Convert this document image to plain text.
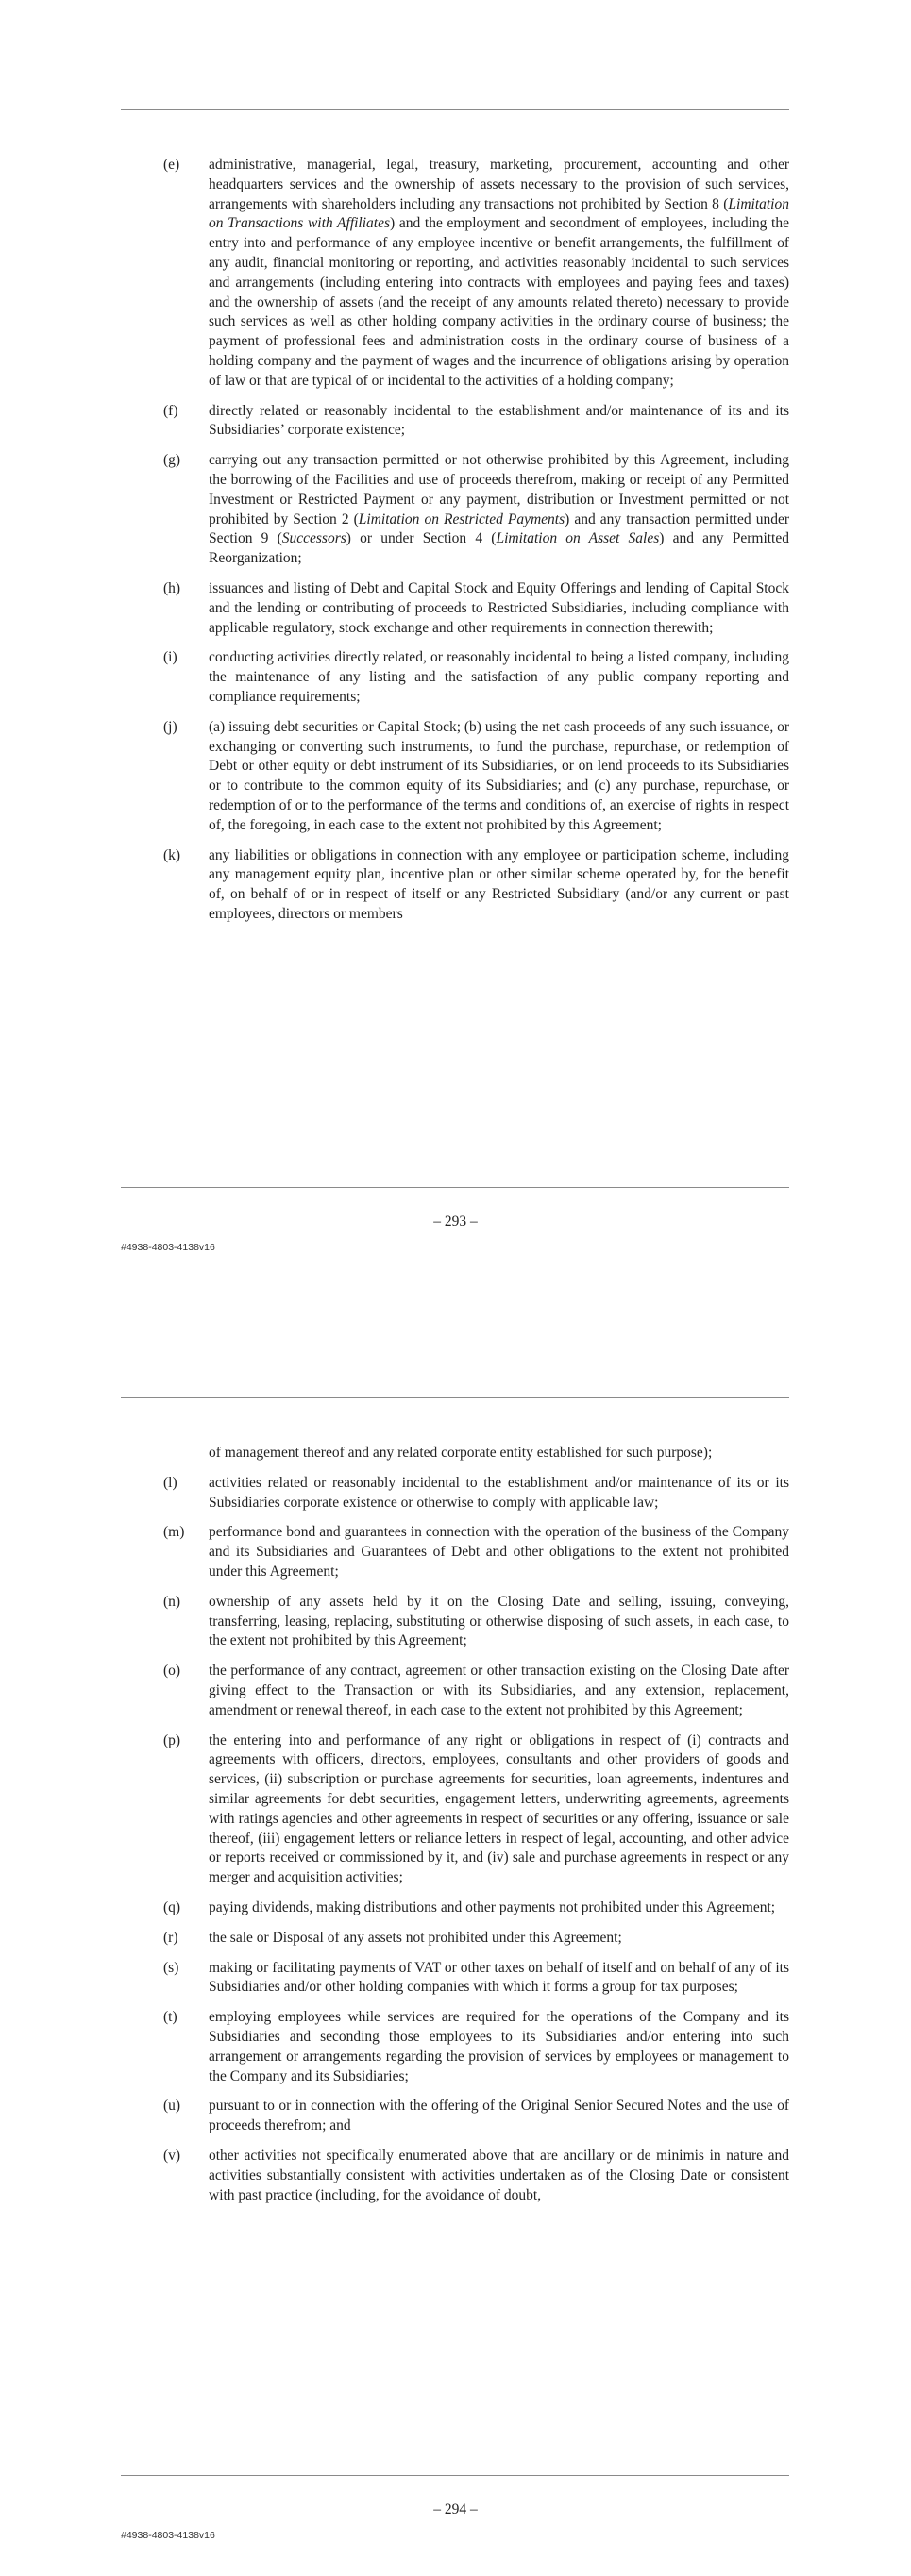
(e) administrative, managerial, legal, treasury, marketing, procurement, accounting and other headquarters services and the ownership of assets necessary to the provision of such services, arrangements with shareholders including any transactions not prohibited by Section 8 (Limitation on Transactions with Affiliates) and the employment and secondment of employees, including the entry into and performance of any employee incentive or benefit arrangements, the fulfillment of any audit, financial monitoring or reporting, and activities reasonably incidental to such services and arrangements (including entering into contracts with employees and paying fees and taxes) and the ownership of assets (and the receipt of any amounts related thereto) necessary to provide such services as well as other holding company activities in the ordinary course of business; the payment of professional fees and administration costs in the ordinary course of business of a holding company and the payment of wages and the incurrence of obligations arising by operation of law or that are typical of or incidental to the activities of a holding company;
(f) directly related or reasonably incidental to the establishment and/or maintenance of its and its Subsidiaries’ corporate existence;
(g) carrying out any transaction permitted or not otherwise prohibited by this Agreement, including the borrowing of the Facilities and use of proceeds therefrom, making or receipt of any Permitted Investment or Restricted Payment or any payment, distribution or Investment permitted or not prohibited by Section 2 (Limitation on Restricted Payments) and any transaction permitted under Section 9 (Successors) or under Section 4 (Limitation on Asset Sales) and any Permitted Reorganization;
(h) issuances and listing of Debt and Capital Stock and Equity Offerings and lending of Capital Stock and the lending or contributing of proceeds to Restricted Subsidiaries, including compliance with applicable regulatory, stock exchange and other requirements in connection therewith;
(i) conducting activities directly related, or reasonably incidental to being a listed company, including the maintenance of any listing and the satisfaction of any public company reporting and compliance requirements;
(j) (a) issuing debt securities or Capital Stock; (b) using the net cash proceeds of any such issuance, or exchanging or converting such instruments, to fund the purchase, repurchase, or redemption of Debt or other equity or debt instrument of its Subsidiaries, or on lend proceeds to its Subsidiaries or to contribute to the common equity of its Subsidiaries; and (c) any purchase, repurchase, or redemption of or to the performance of the terms and conditions of, an exercise of rights in respect of, the foregoing, in each case to the extent not prohibited by this Agreement;
(k) any liabilities or obligations in connection with any employee or participation scheme, including any management equity plan, incentive plan or other similar scheme operated by, for the benefit of, on behalf of or in respect of itself or any Restricted Subsidiary (and/or any current or past employees, directors or members
– 293 –
#4938-4803-4138v16
of management thereof and any related corporate entity established for such purpose);
(l) activities related or reasonably incidental to the establishment and/or maintenance of its or its Subsidiaries corporate existence or otherwise to comply with applicable law;
(m) performance bond and guarantees in connection with the operation of the business of the Company and its Subsidiaries and Guarantees of Debt and other obligations to the extent not prohibited under this Agreement;
(n) ownership of any assets held by it on the Closing Date and selling, issuing, conveying, transferring, leasing, replacing, substituting or otherwise disposing of such assets, in each case, to the extent not prohibited by this Agreement;
(o) the performance of any contract, agreement or other transaction existing on the Closing Date after giving effect to the Transaction or with its Subsidiaries, and any extension, replacement, amendment or renewal thereof, in each case to the extent not prohibited by this Agreement;
(p) the entering into and performance of any right or obligations in respect of (i) contracts and agreements with officers, directors, employees, consultants and other providers of goods and services, (ii) subscription or purchase agreements for securities, loan agreements, indentures and similar agreements for debt securities, engagement letters, underwriting agreements, agreements with ratings agencies and other agreements in respect of securities or any offering, issuance or sale thereof, (iii) engagement letters or reliance letters in respect of legal, accounting, and other advice or reports received or commissioned by it, and (iv) sale and purchase agreements in respect or any merger and acquisition activities;
(q) paying dividends, making distributions and other payments not prohibited under this Agreement;
(r) the sale or Disposal of any assets not prohibited under this Agreement;
(s) making or facilitating payments of VAT or other taxes on behalf of itself and on behalf of any of its Subsidiaries and/or other holding companies with which it forms a group for tax purposes;
(t) employing employees while services are required for the operations of the Company and its Subsidiaries and seconding those employees to its Subsidiaries and/or entering into such arrangement or arrangements regarding the provision of services by employees or management to the Company and its Subsidiaries;
(u) pursuant to or in connection with the offering of the Original Senior Secured Notes and the use of proceeds therefrom; and
(v) other activities not specifically enumerated above that are ancillary or de minimis in nature and activities substantially consistent with activities undertaken as of the Closing Date or consistent with past practice (including, for the avoidance of doubt,
– 294 –
#4938-4803-4138v16
